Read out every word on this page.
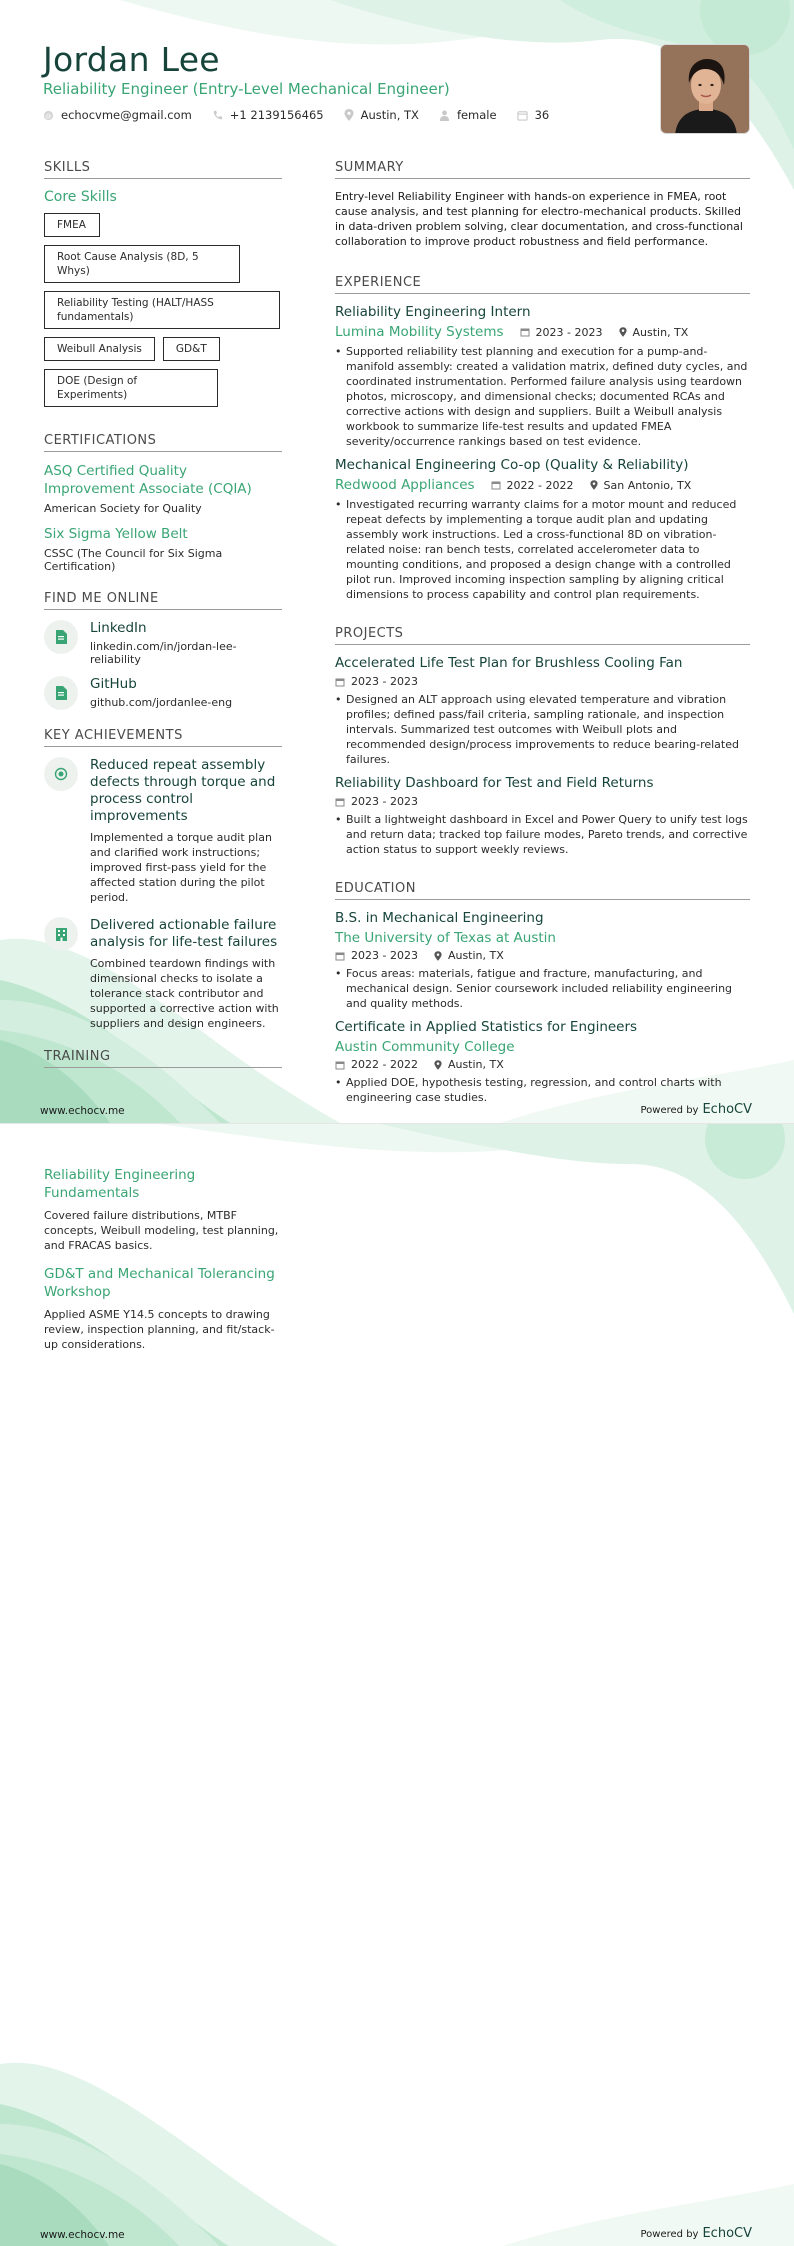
Jordan Lee
Reliability Engineer (Entry-Level Mechanical Engineer)
@ echocvme@gmail.com	+1 2139156465	Austin, TX	female	36
SKILLS
Core Skills
FMEA
Root Cause Analysis (8D, 5 Whys)
Reliability Testing (HALT/HASS fundamentals)
Weibull Analysis	GD&T
DOE (Design of Experiments)
CERTIFICATIONS
ASQ Certified Quality Improvement Associate (CQIA)
American Society for Quality
Six Sigma Yellow Belt
CSSC (The Council for Six Sigma Certification)
FIND ME ONLINE
LinkedIn
linkedin.com/in/jordan-lee-reliability
GitHub
github.com/jordanlee-eng
KEY ACHIEVEMENTS
Reduced repeat assembly defects through torque and process control improvements
Implemented a torque audit plan and clarified work instructions; improved first-pass yield for the affected station during the pilot period.
Delivered actionable failure analysis for life-test failures
Combined teardown findings with dimensional checks to isolate a tolerance stack contributor and supported a corrective action with suppliers and design engineers.
TRAINING
SUMMARY
Entry-level Reliability Engineer with hands-on experience in FMEA, root cause analysis, and test planning for electro-mechanical products. Skilled in data-driven problem solving, clear documentation, and cross-functional collaboration to improve product robustness and field performance.
EXPERIENCE
Reliability Engineering Intern
Lumina Mobility Systems	2023 - 2023	Austin, TX
• Supported reliability test planning and execution for a pump-and-manifold assembly: created a validation matrix, defined duty cycles, and coordinated instrumentation. Performed failure analysis using teardown photos, microscopy, and dimensional checks; documented RCAs and corrective actions with design and suppliers. Built a Weibull analysis workbook to summarize life-test results and updated FMEA severity/occurrence rankings based on test evidence.
Mechanical Engineering Co-op (Quality & Reliability)
Redwood Appliances	2022 - 2022	San Antonio, TX
• Investigated recurring warranty claims for a motor mount and reduced repeat defects by implementing a torque audit plan and updating assembly work instructions. Led a cross-functional 8D on vibration-related noise: ran bench tests, correlated accelerometer data to mounting conditions, and proposed a design change with a controlled pilot run. Improved incoming inspection sampling by aligning critical dimensions to process capability and control plan requirements.
PROJECTS
Accelerated Life Test Plan for Brushless Cooling Fan
2023 - 2023
• Designed an ALT approach using elevated temperature and vibration profiles; defined pass/fail criteria, sampling rationale, and inspection intervals. Summarized test outcomes with Weibull plots and recommended design/process improvements to reduce bearing-related failures.
Reliability Dashboard for Test and Field Returns
2023 - 2023
• Built a lightweight dashboard in Excel and Power Query to unify test logs and return data; tracked top failure modes, Pareto trends, and corrective action status to support weekly reviews.
EDUCATION
B.S. in Mechanical Engineering
The University of Texas at Austin
2023 - 2023	Austin, TX
• Focus areas: materials, fatigue and fracture, manufacturing, and mechanical design. Senior coursework included reliability engineering and quality methods.
Certificate in Applied Statistics for Engineers
Austin Community College
2022 - 2022	Austin, TX
• Applied DOE, hypothesis testing, regression, and control charts with engineering case studies.
www.echocv.me	Powered by EchoCV
Reliability Engineering Fundamentals
Covered failure distributions, MTBF concepts, Weibull modeling, test planning, and FRACAS basics.
GD&T and Mechanical Tolerancing Workshop
Applied ASME Y14.5 concepts to drawing review, inspection planning, and fit/stack-up considerations.
www.echocv.me	Powered by EchoCV
